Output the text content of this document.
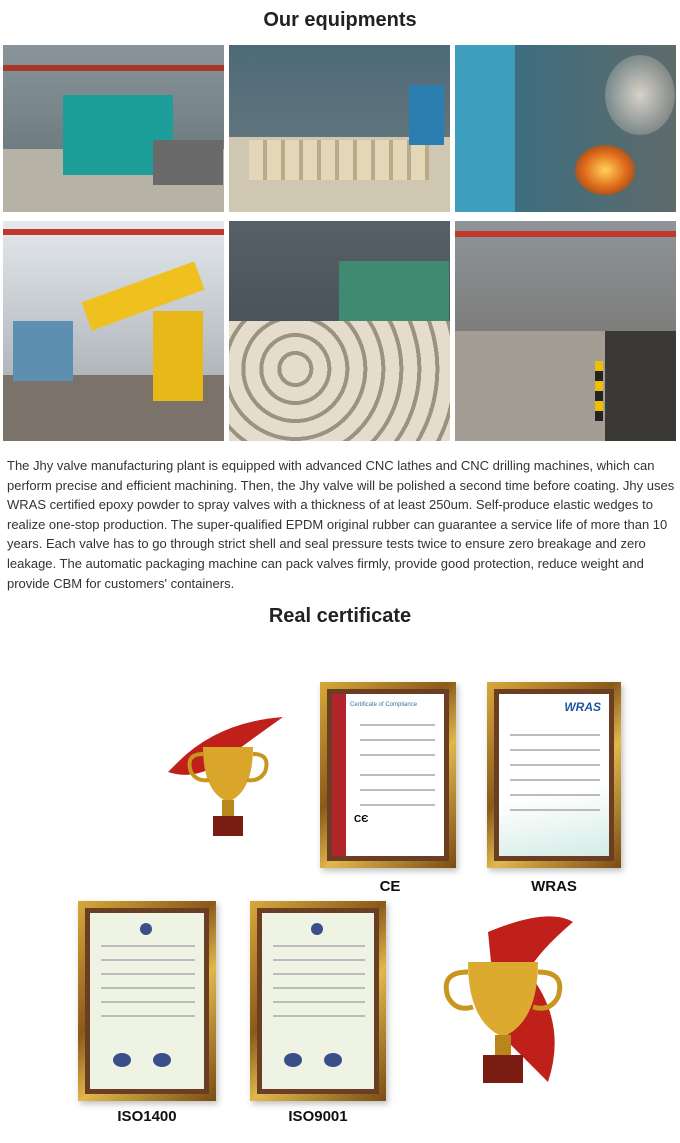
Our equipments

The Jhy valve manufacturing plant is equipped with advanced CNC lathes and CNC drilling machines, which can perform precise and efficient machining. Then, the Jhy valve will be polished a second time before coating. Jhy uses WRAS certified epoxy powder to spray valves with a thickness of at least 250um. Self-produce elastic wedges to realize one-stop production. The super-qualified EPDM original rubber can guarantee a service life of more than 10 years. Each valve has to go through strict shell and seal pressure tests twice to ensure zero breakage and zero leakage. The automatic packaging machine can pack valves firmly, provide good protection, reduce weight and provide CBM for customers' containers.

Real certificate
Certificate of Compliance
CЄ
CE
WRAS
WRAS
ISO1400	ISO9001
